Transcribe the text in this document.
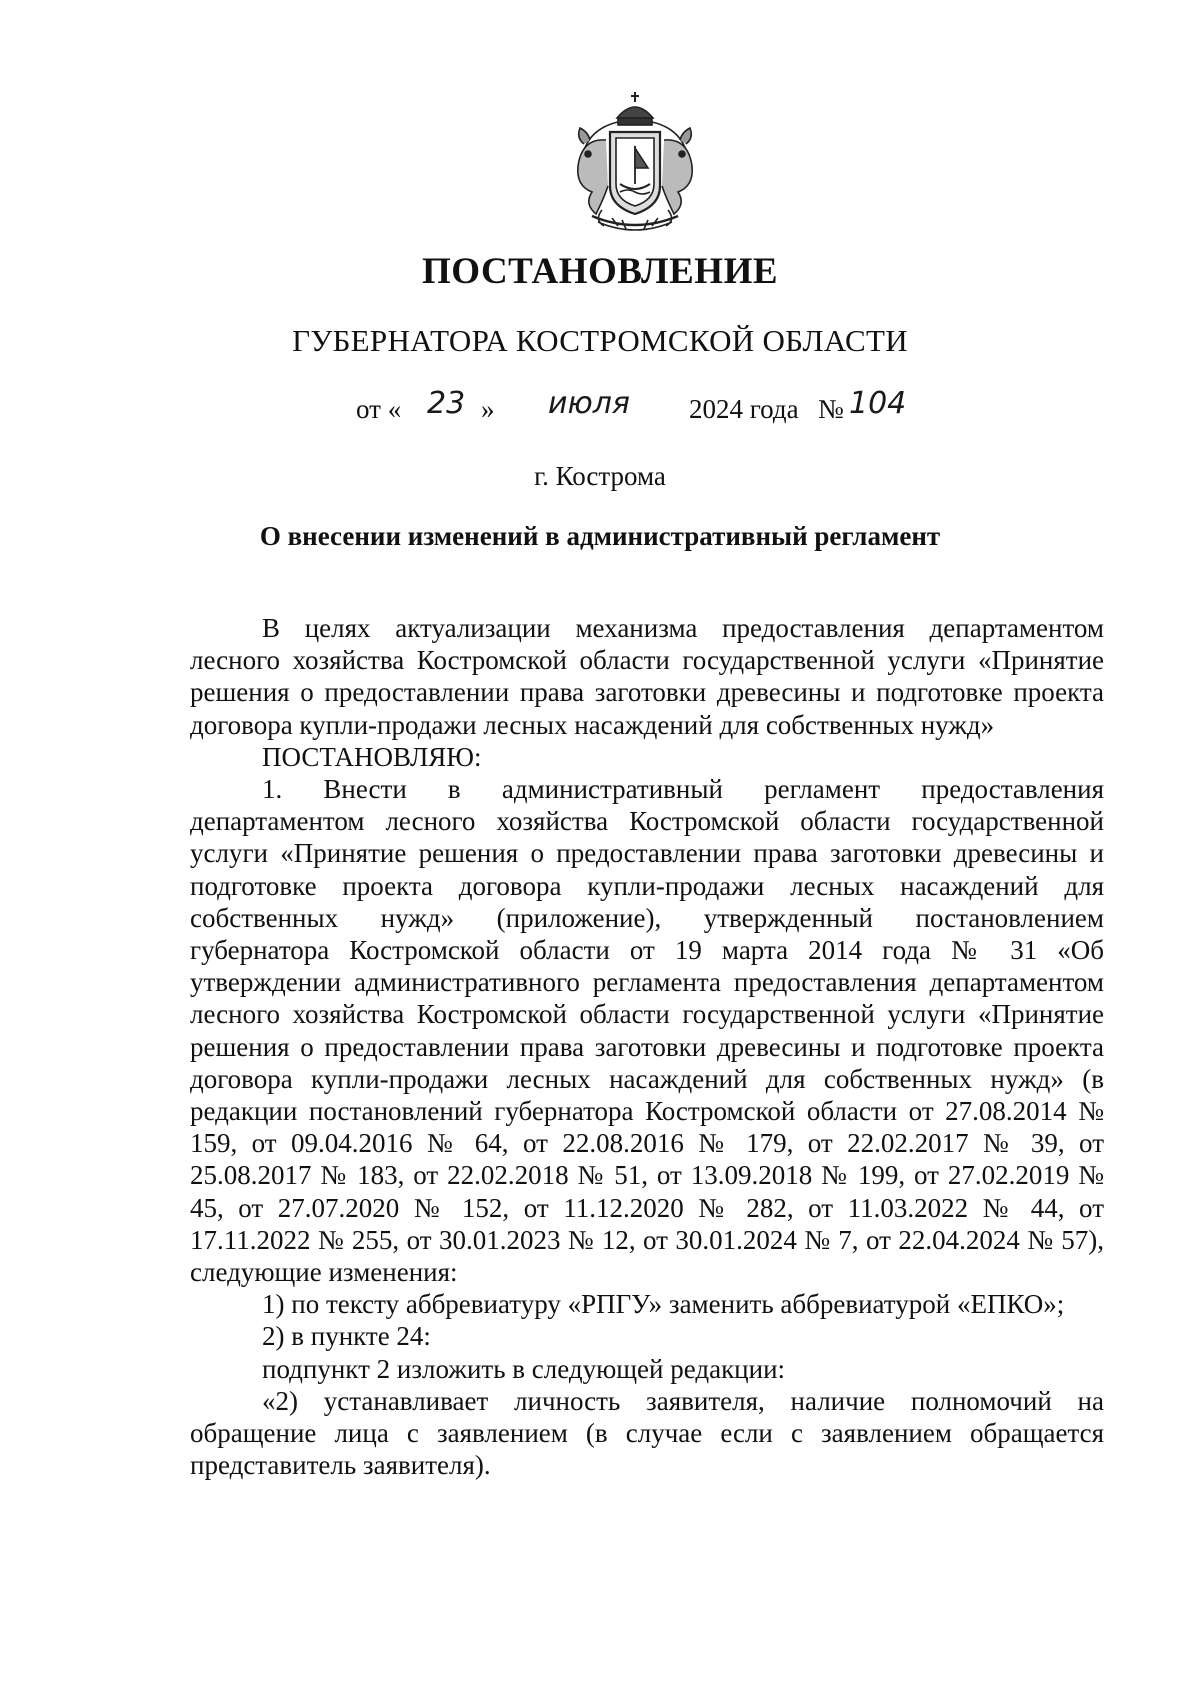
ПОСТАНОВЛЕНИЕ
ГУБЕРНАТОРА КОСТРОМСКОЙ ОБЛАСТИ
от « 23 » июля 2024 года № 104
г. Кострома
О внесении изменений в административный регламент

В целях актуализации механизма предоставления департаментом лесного хозяйства Костромской области государственной услуги «Принятие решения о предоставлении права заготовки древесины и подготовке проекта договора купли-продажи лесных насаждений для собственных нужд»

ПОСТАНОВЛЯЮ:

1. Внести в административный регламент предоставления департаментом лесного хозяйства Костромской области государственной услуги «Принятие решения о предоставлении права заготовки древесины и подготовке проекта договора купли-продажи лесных насаждений для собственных нужд» (приложение), утвержденный постановлением губернатора Костромской области от 19 марта 2014 года № 31 «Об утверждении административного регламента предоставления департаментом лесного хозяйства Костромской области государственной услуги «Принятие решения о предоставлении права заготовки древесины и подготовке проекта договора купли-продажи лесных насаждений для собственных нужд» (в редакции постановлений губернатора Костромской области от 27.08.2014 № 159, от 09.04.2016 № 64, от 22.08.2016 № 179, от 22.02.2017 № 39, от 25.08.2017 № 183, от 22.02.2018 № 51, от 13.09.2018 № 199, от 27.02.2019 № 45, от 27.07.2020 № 152, от 11.12.2020 № 282, от 11.03.2022 № 44, от 17.11.2022 № 255, от 30.01.2023 № 12, от 30.01.2024 № 7, от 22.04.2024 № 57), следующие изменения:

1) по тексту аббревиатуру «РПГУ» заменить аббревиатурой «ЕПКО»;

2) в пункте 24:

подпункт 2 изложить в следующей редакции:

«2) устанавливает личность заявителя, наличие полномочий на обращение лица с заявлением (в случае если с заявлением обращается представитель заявителя).
